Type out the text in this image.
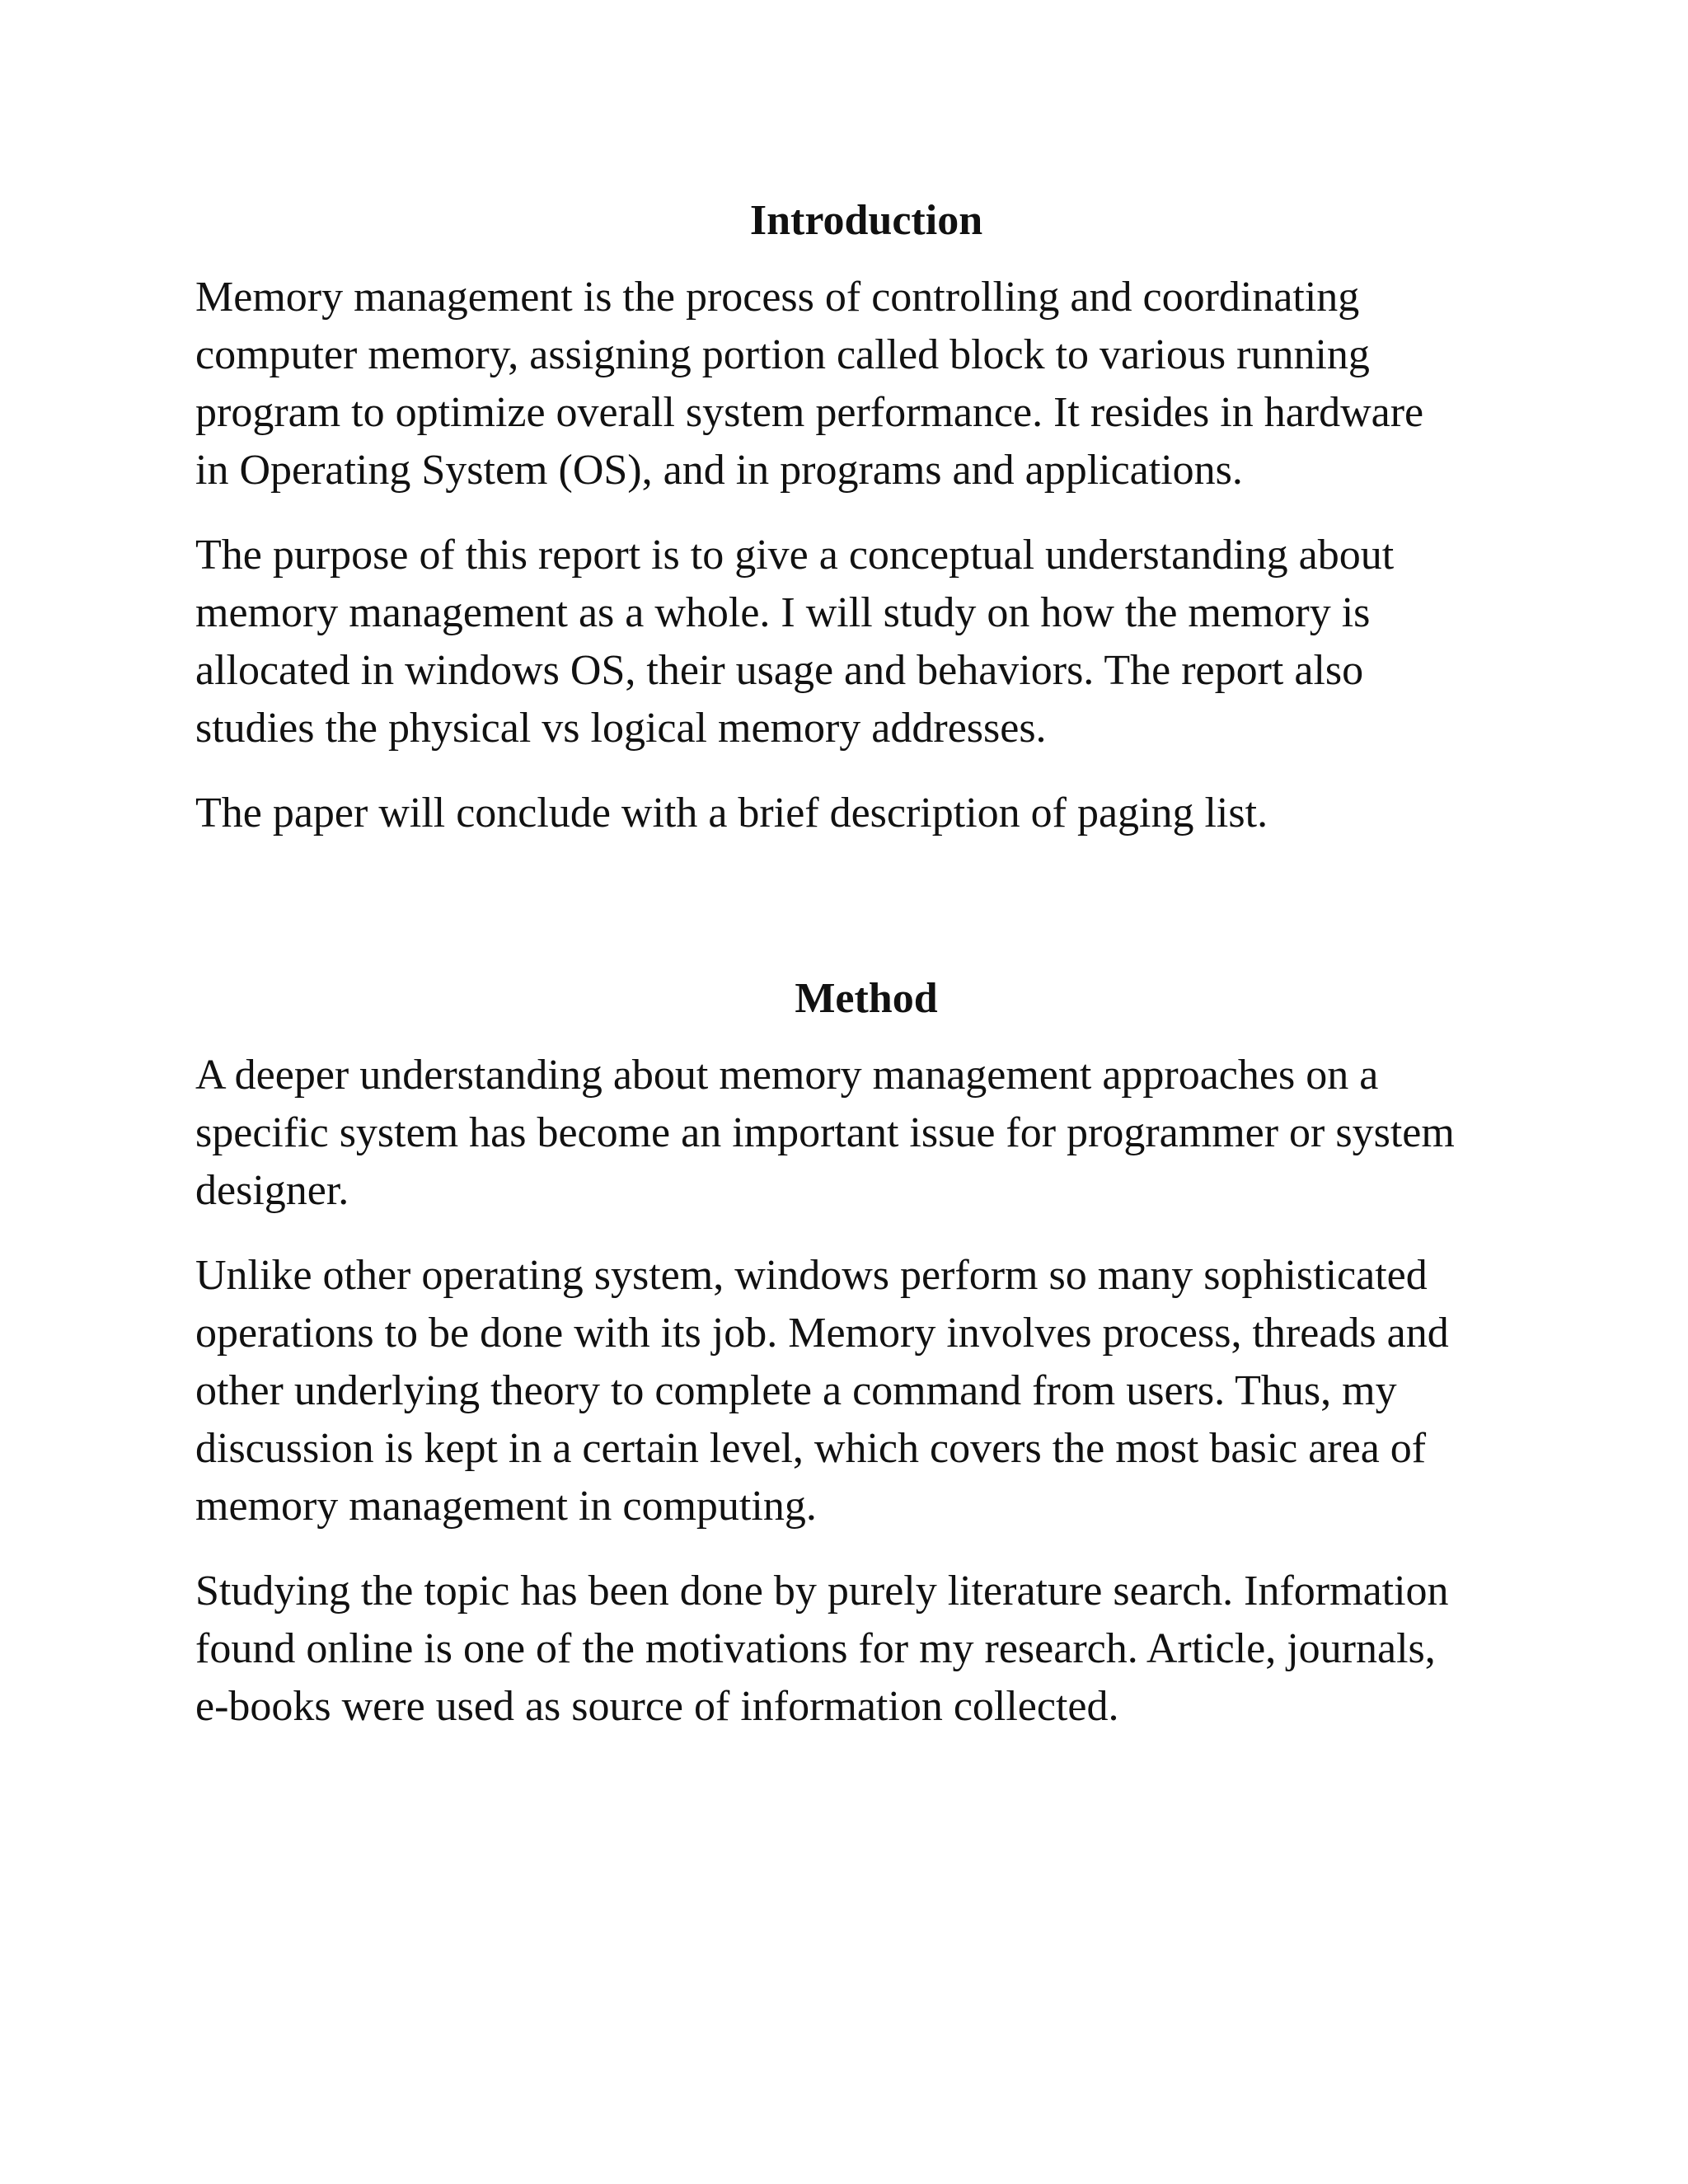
Introduction

Memory management is the process of controlling and coordinating
computer memory, assigning portion called block to various running
program to optimize overall system performance. It resides in hardware
in Operating System (OS), and in programs and applications.

The purpose of this report is to give a conceptual understanding about
memory management as a whole. I will study on how the memory is
allocated in windows OS, their usage and behaviors. The report also
studies the physical vs logical memory addresses.

The paper will conclude with a brief description of paging list.

Method

A deeper understanding about memory management approaches on a
specific system has become an important issue for programmer or system
designer.

Unlike other operating system, windows perform so many sophisticated
operations to be done with its job. Memory involves process, threads and
other underlying theory to complete a command from users. Thus, my
discussion is kept in a certain level, which covers the most basic area of
memory management in computing.

Studying the topic has been done by purely literature search. Information
found online is one of the motivations for my research. Article, journals,
e-books were used as source of information collected.
